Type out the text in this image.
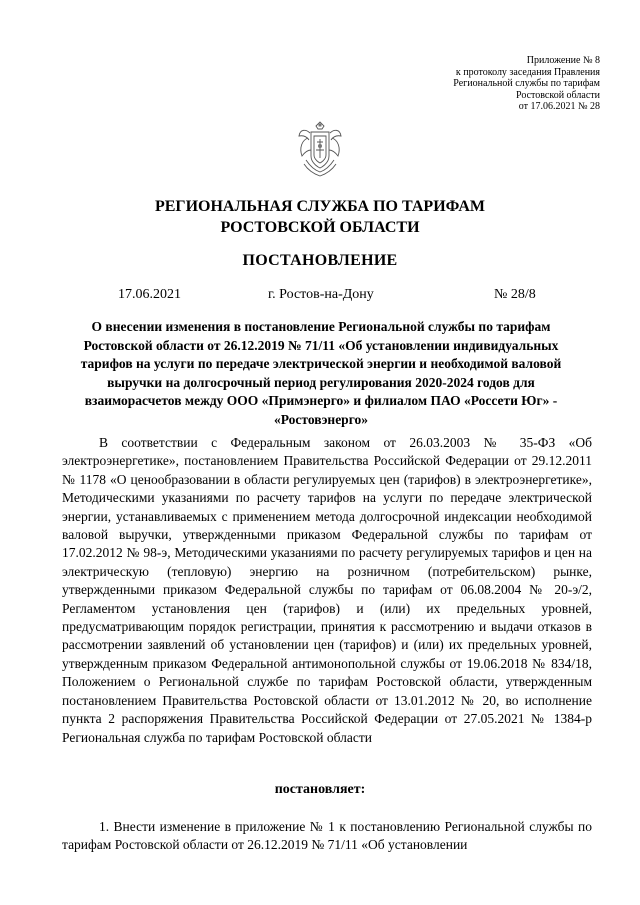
Приложение № 8
к протоколу заседания Правления
Региональной службы по тарифам
Ростовской области
от 17.06.2021 № 28
РЕГИОНАЛЬНАЯ СЛУЖБА ПО ТАРИФАМ
РОСТОВСКОЙ ОБЛАСТИ
ПОСТАНОВЛЕНИЕ
17.06.2021	г. Ростов-на-Дону	№ 28/8
О внесении изменения в постановление Региональной службы по тарифам Ростовской области от 26.12.2019 № 71/11 «Об установлении индивидуальных тарифов на услуги по передаче электрической энергии и необходимой валовой выручки на долгосрочный период регулирования 2020-2024 годов для взаиморасчетов между ООО «Примэнерго» и филиалом ПАО «Россети Юг» - «Ростовэнерго»

В соответствии с Федеральным законом от 26.03.2003 № 35-ФЗ «Об электроэнергетике», постановлением Правительства Российской Федерации от 29.12.2011 № 1178 «О ценообразовании в области регулируемых цен (тарифов) в электроэнергетике», Методическими указаниями по расчету тарифов на услуги по передаче электрической энергии, устанавливаемых с применением метода долгосрочной индексации необходимой валовой выручки, утвержденными приказом Федеральной службы по тарифам от 17.02.2012 № 98-э, Методическими указаниями по расчету регулируемых тарифов и цен на электрическую (тепловую) энергию на розничном (потребительском) рынке, утвержденными приказом Федеральной службы по тарифам от 06.08.2004 № 20-э/2, Регламентом установления цен (тарифов) и (или) их предельных уровней, предусматривающим порядок регистрации, принятия к рассмотрению и выдачи отказов в рассмотрении заявлений об установлении цен (тарифов) и (или) их предельных уровней, утвержденным приказом Федеральной антимонопольной службы от 19.06.2018 № 834/18, Положением о Региональной службе по тарифам Ростовской области, утвержденным постановлением Правительства Ростовской области от 13.01.2012 № 20, во исполнение пункта 2 распоряжения Правительства Российской Федерации от 27.05.2021 № 1384-р Региональная служба по тарифам Ростовской области

постановляет:

1. Внести изменение в приложение № 1 к постановлению Региональной службы по тарифам Ростовской области от 26.12.2019 № 71/11 «Об установлении
